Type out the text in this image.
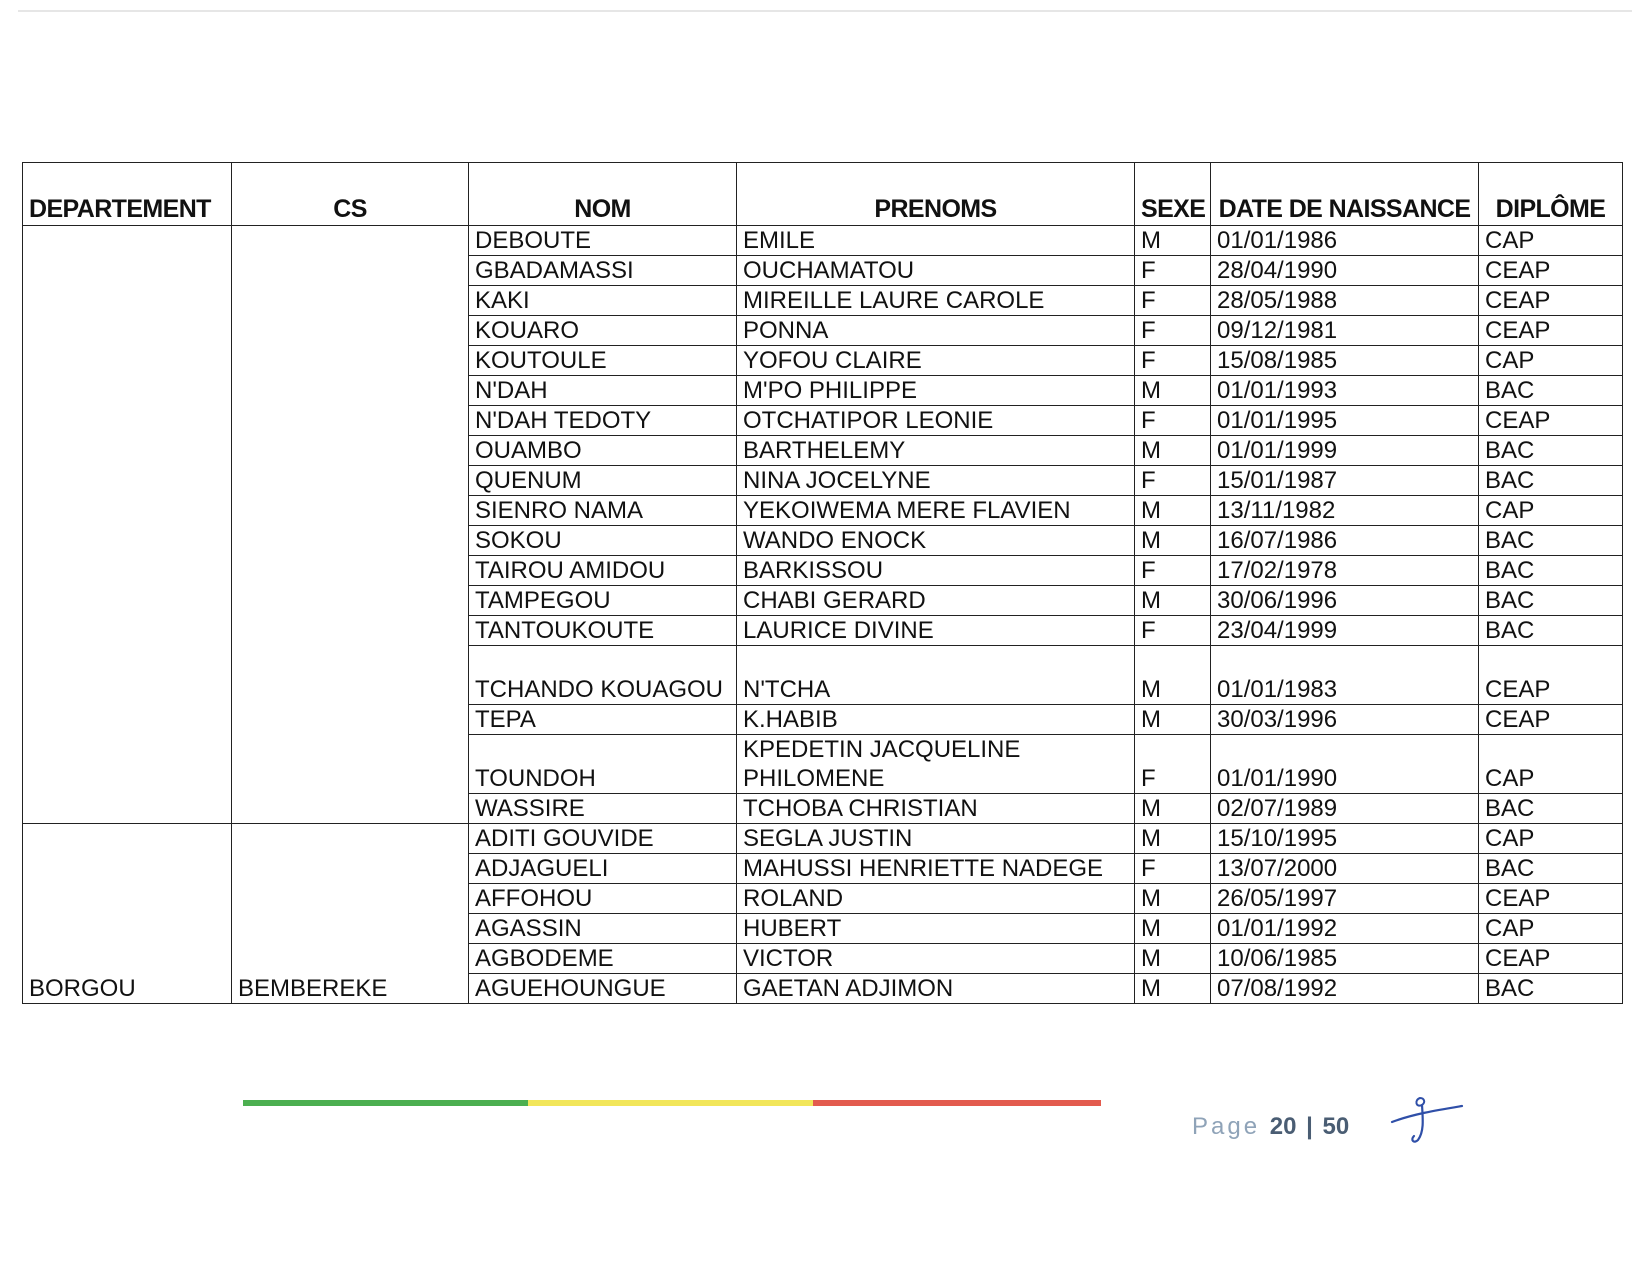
DEPARTEMENT	CS	NOM	PRENOMS	SEXE	DATE DE NAISSANCE	DIPLÔME
		DEBOUTE	EMILE	M	01/01/1986	CAP
		GBADAMASSI	OUCHAMATOU	F	28/04/1990	CEAP
		KAKI	MIREILLE LAURE CAROLE	F	28/05/1988	CEAP
		KOUARO	PONNA	F	09/12/1981	CEAP
		KOUTOULE	YOFOU CLAIRE	F	15/08/1985	CAP
		N'DAH	M'PO PHILIPPE	M	01/01/1993	BAC
		N'DAH TEDOTY	OTCHATIPOR LEONIE	F	01/01/1995	CEAP
		OUAMBO	BARTHELEMY	M	01/01/1999	BAC
		QUENUM	NINA JOCELYNE	F	15/01/1987	BAC
		SIENRO NAMA	YEKOIWEMA MERE FLAVIEN	M	13/11/1982	CAP
		SOKOU	WANDO ENOCK	M	16/07/1986	BAC
		TAIROU AMIDOU	BARKISSOU	F	17/02/1978	BAC
		TAMPEGOU	CHABI GERARD	M	30/06/1996	BAC
		TANTOUKOUTE	LAURICE DIVINE	F	23/04/1999	BAC
		TCHANDO KOUAGOU	N'TCHA	M	01/01/1983	CEAP
		TEPA	K.HABIB	M	30/03/1996	CEAP
		TOUNDOH	KPEDETIN JACQUELINE PHILOMENE	F	01/01/1990	CAP
		WASSIRE	TCHOBA CHRISTIAN	M	02/07/1989	BAC
BORGOU	BEMBEREKE	ADITI GOUVIDE	SEGLA JUSTIN	M	15/10/1995	CAP
		ADJAGUELI	MAHUSSI HENRIETTE NADEGE	F	13/07/2000	BAC
		AFFOHOU	ROLAND	M	26/05/1997	CEAP
		AGASSIN	HUBERT	M	01/01/1992	CAP
		AGBODEME	VICTOR	M	10/06/1985	CEAP
		AGUEHOUNGUE	GAETAN ADJIMON	M	07/08/1992	BAC
Page 20 | 50
